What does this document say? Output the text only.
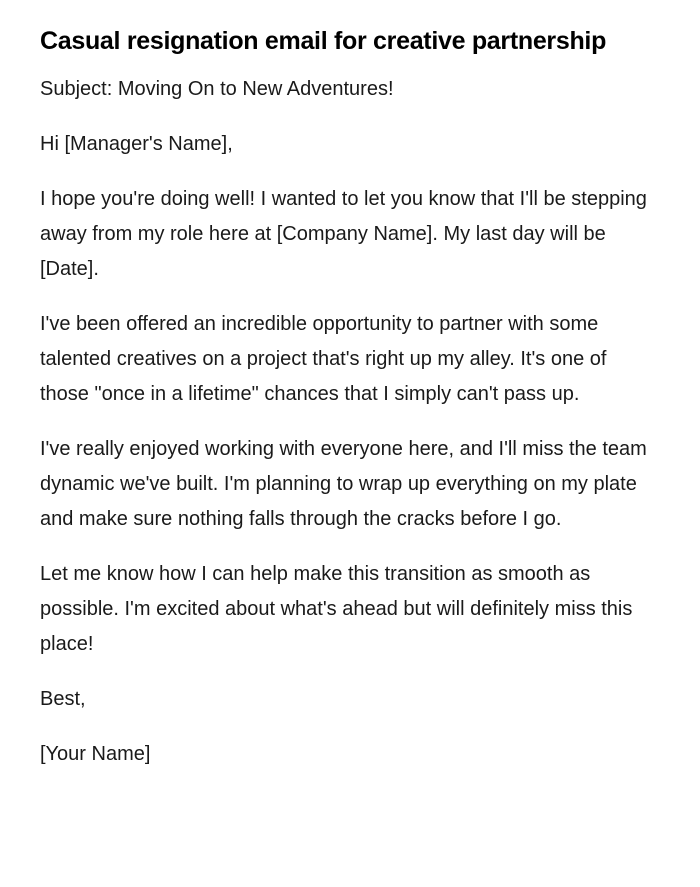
Casual resignation email for creative partnership

Subject: Moving On to New Adventures!

Hi [Manager's Name],

I hope you're doing well! I wanted to let you know that I'll be stepping away from my role here at [Company Name]. My last day will be [Date].

I've been offered an incredible opportunity to partner with some talented creatives on a project that's right up my alley. It's one of those "once in a lifetime" chances that I simply can't pass up.

I've really enjoyed working with everyone here, and I'll miss the team dynamic we've built. I'm planning to wrap up everything on my plate and make sure nothing falls through the cracks before I go.

Let me know how I can help make this transition as smooth as possible. I'm excited about what's ahead but will definitely miss this place!

Best,

[Your Name]
